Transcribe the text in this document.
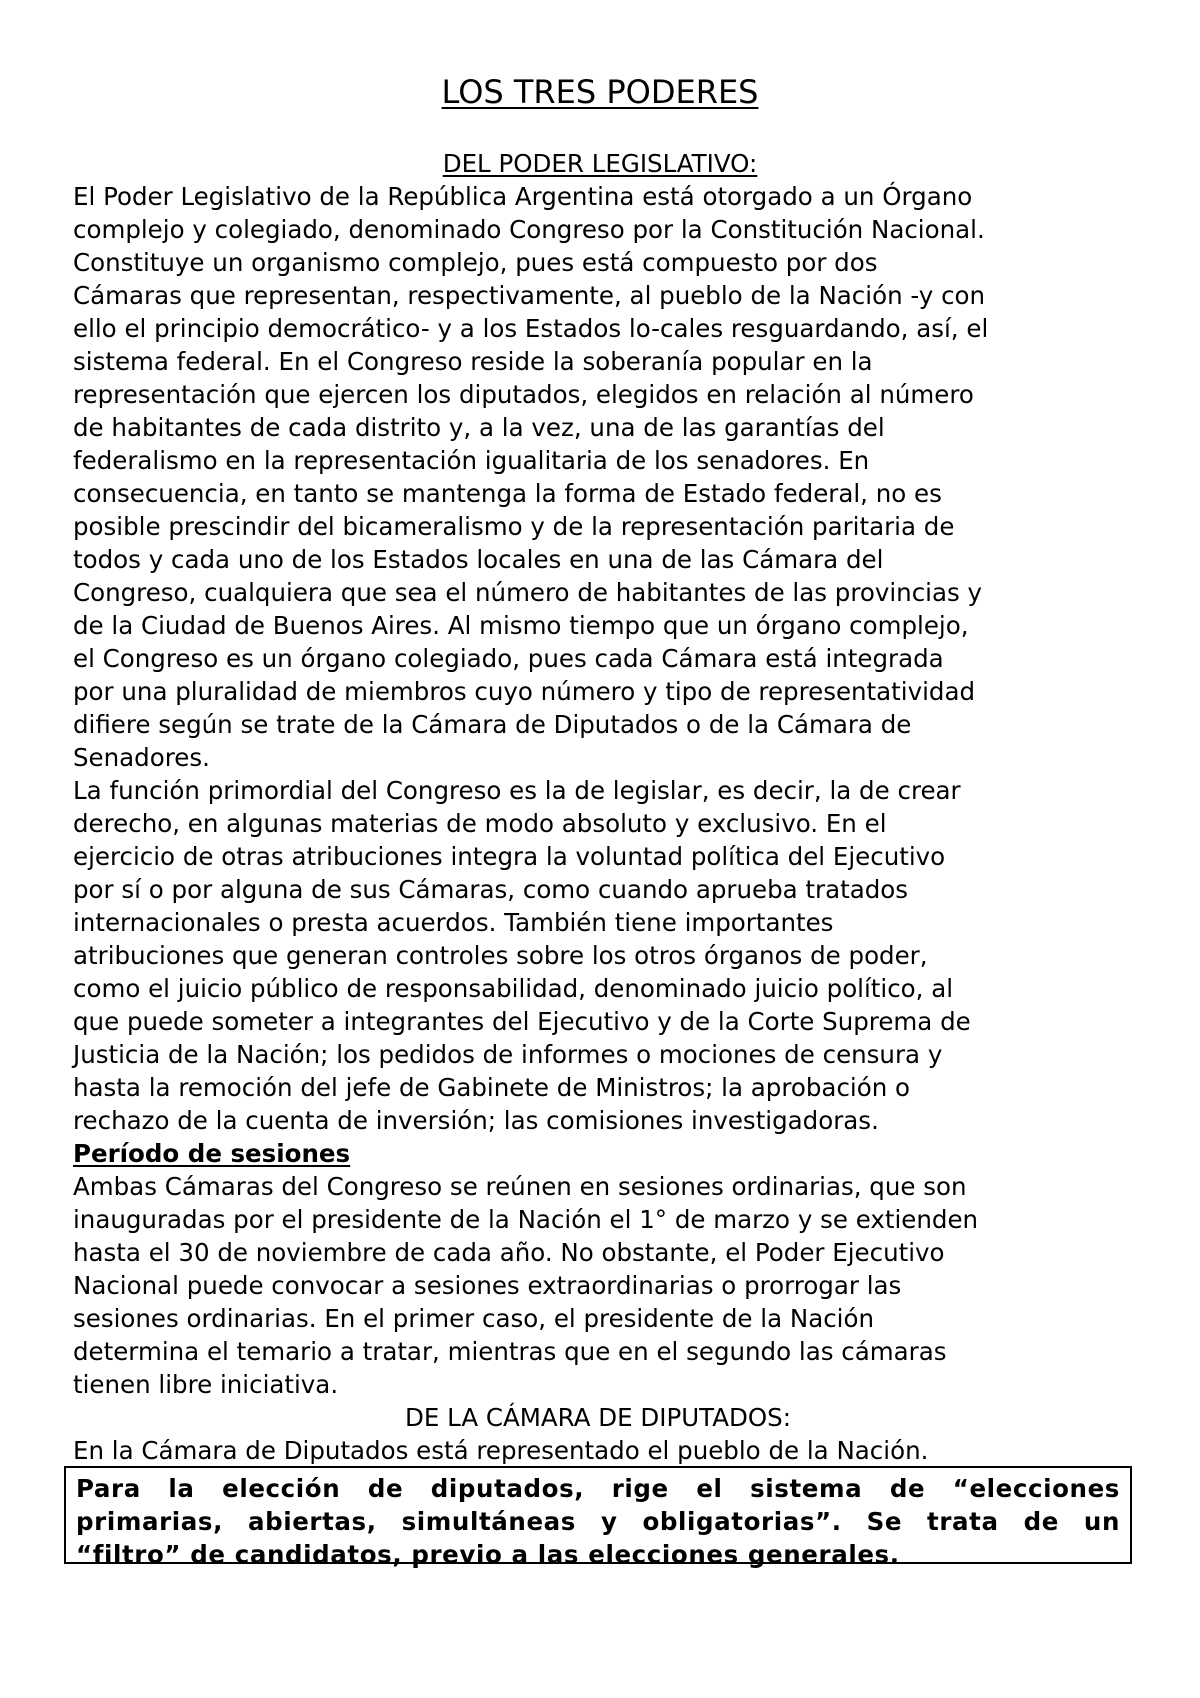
LOS TRES PODERES
DEL PODER LEGISLATIVO:
El Poder Legislativo de la República Argentina está otorgado a un Órgano
complejo y colegiado, denominado Congreso por la Constitución Nacional.
Constituye un organismo complejo, pues está compuesto por dos
Cámaras que representan, respectivamente, al pueblo de la Nación -y con
ello el principio democrático- y a los Estados lo-cales resguardando, así, el
sistema federal. En el Congreso reside la soberanía popular en la
representación que ejercen los diputados, elegidos en relación al número
de habitantes de cada distrito y, a la vez, una de las garantías del
federalismo en la representación igualitaria de los senadores. En
consecuencia, en tanto se mantenga la forma de Estado federal, no es
posible prescindir del bicameralismo y de la representación paritaria de
todos y cada uno de los Estados locales en una de las Cámara del
Congreso, cualquiera que sea el número de habitantes de las provincias y
de la Ciudad de Buenos Aires. Al mismo tiempo que un órgano complejo,
el Congreso es un órgano colegiado, pues cada Cámara está integrada
por una pluralidad de miembros cuyo número y tipo de representatividad
difiere según se trate de la Cámara de Diputados o de la Cámara de
Senadores.
La función primordial del Congreso es la de legislar, es decir, la de crear
derecho, en algunas materias de modo absoluto y exclusivo. En el
ejercicio de otras atribuciones integra la voluntad política del Ejecutivo
por sí o por alguna de sus Cámaras, como cuando aprueba tratados
internacionales o presta acuerdos. También tiene importantes
atribuciones que generan controles sobre los otros órganos de poder,
como el juicio público de responsabilidad, denominado juicio político, al
que puede someter a integrantes del Ejecutivo y de la Corte Suprema de
Justicia de la Nación; los pedidos de informes o mociones de censura y
hasta la remoción del jefe de Gabinete de Ministros; la aprobación o
rechazo de la cuenta de inversión; las comisiones investigadoras.
Período de sesiones
Ambas Cámaras del Congreso se reúnen en sesiones ordinarias, que son
inauguradas por el presidente de la Nación el 1° de marzo y se extienden
hasta el 30 de noviembre de cada año. No obstante, el Poder Ejecutivo
Nacional puede convocar a sesiones extraordinarias o prorrogar las
sesiones ordinarias. En el primer caso, el presidente de la Nación
determina el temario a tratar, mientras que en el segundo las cámaras
tienen libre iniciativa.
DE LA CÁMARA DE DIPUTADOS:
En la Cámara de Diputados está representado el pueblo de la Nación.
Para la elección de diputados, rige el sistema de “elecciones
primarias, abiertas, simultáneas y obligatorias”. Se trata de un
“filtro” de candidatos, previo a las elecciones generales.
